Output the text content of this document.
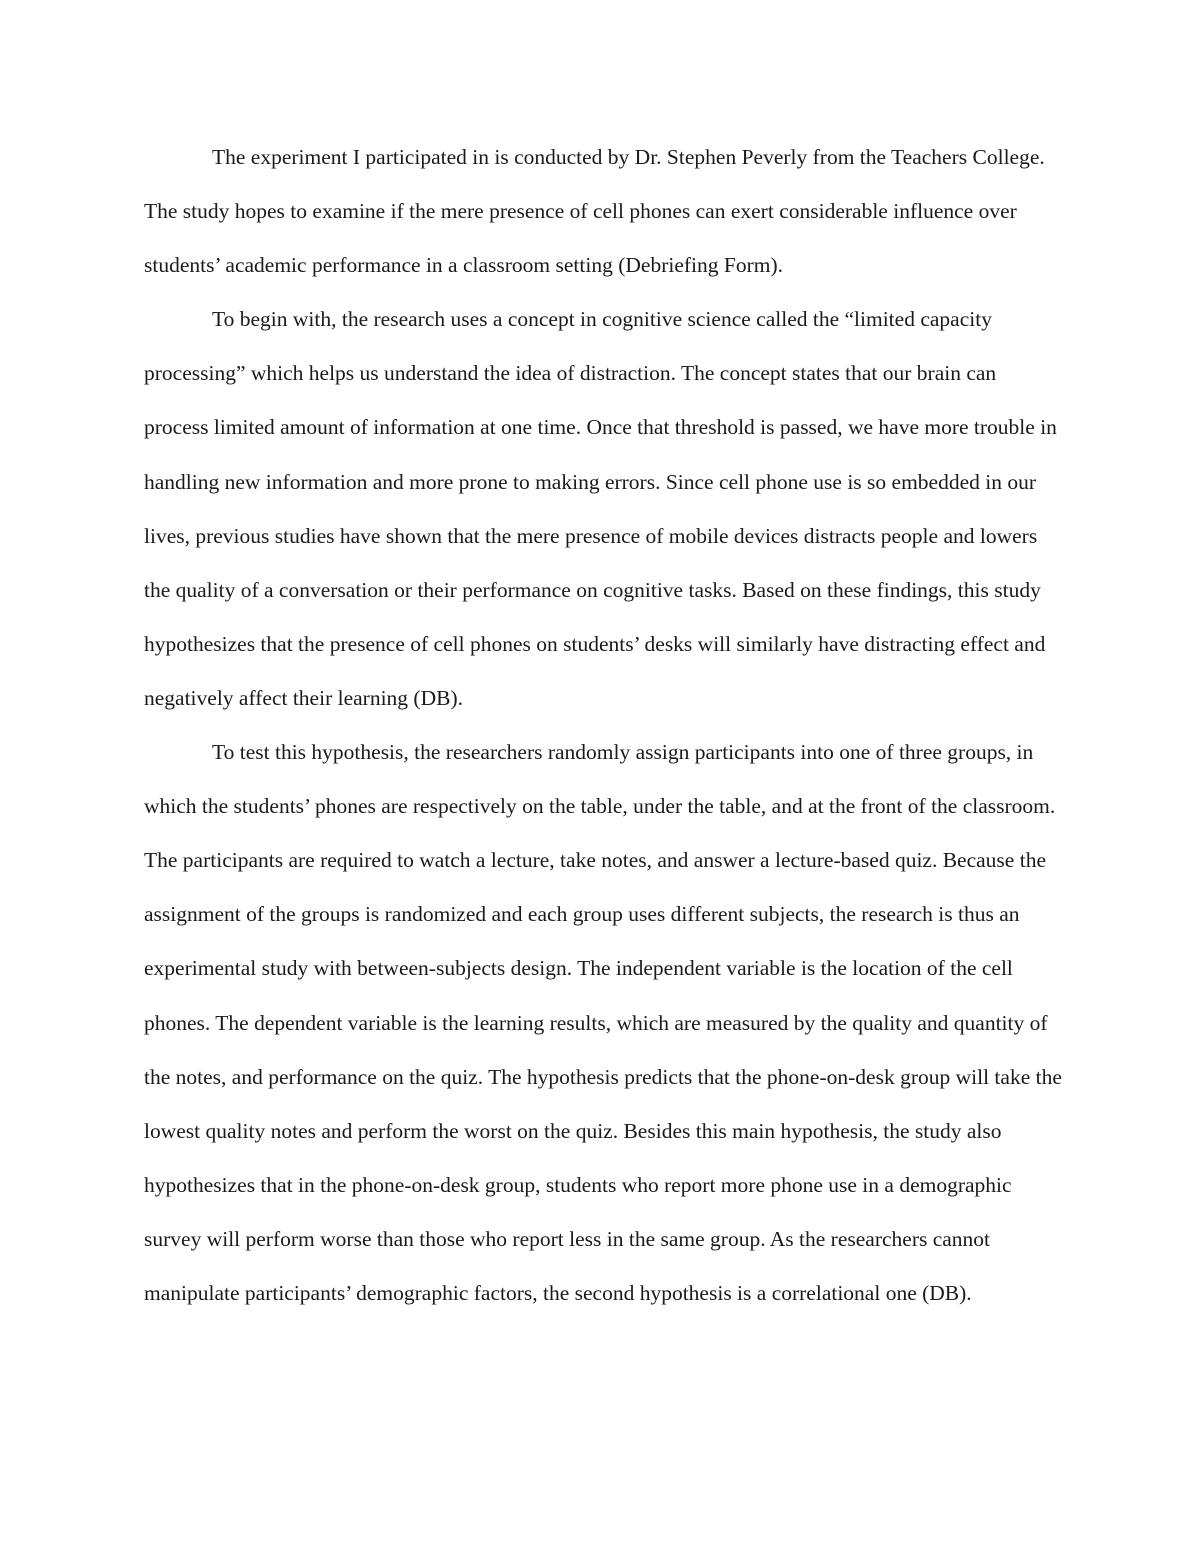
The experiment I participated in is conducted by Dr. Stephen Peverly from the Teachers College. The study hopes to examine if the mere presence of cell phones can exert considerable influence over students’ academic performance in a classroom setting (Debriefing Form).

To begin with, the research uses a concept in cognitive science called the “limited capacity processing” which helps us understand the idea of distraction. The concept states that our brain can process limited amount of information at one time. Once that threshold is passed, we have more trouble in handling new information and more prone to making errors. Since cell phone use is so embedded in our lives, previous studies have shown that the mere presence of mobile devices distracts people and lowers the quality of a conversation or their performance on cognitive tasks. Based on these findings, this study hypothesizes that the presence of cell phones on students’ desks will similarly have distracting effect and negatively affect their learning (DB).

To test this hypothesis, the researchers randomly assign participants into one of three groups, in which the students’ phones are respectively on the table, under the table, and at the front of the classroom. The participants are required to watch a lecture, take notes, and answer a lecture-based quiz. Because the assignment of the groups is randomized and each group uses different subjects, the research is thus an experimental study with between-subjects design. The independent variable is the location of the cell phones. The dependent variable is the learning results, which are measured by the quality and quantity of the notes, and performance on the quiz. The hypothesis predicts that the phone-on-desk group will take the lowest quality notes and perform the worst on the quiz. Besides this main hypothesis, the study also hypothesizes that in the phone-on-desk group, students who report more phone use in a demographic survey will perform worse than those who report less in the same group. As the researchers cannot manipulate participants’ demographic factors, the second hypothesis is a correlational one (DB).
